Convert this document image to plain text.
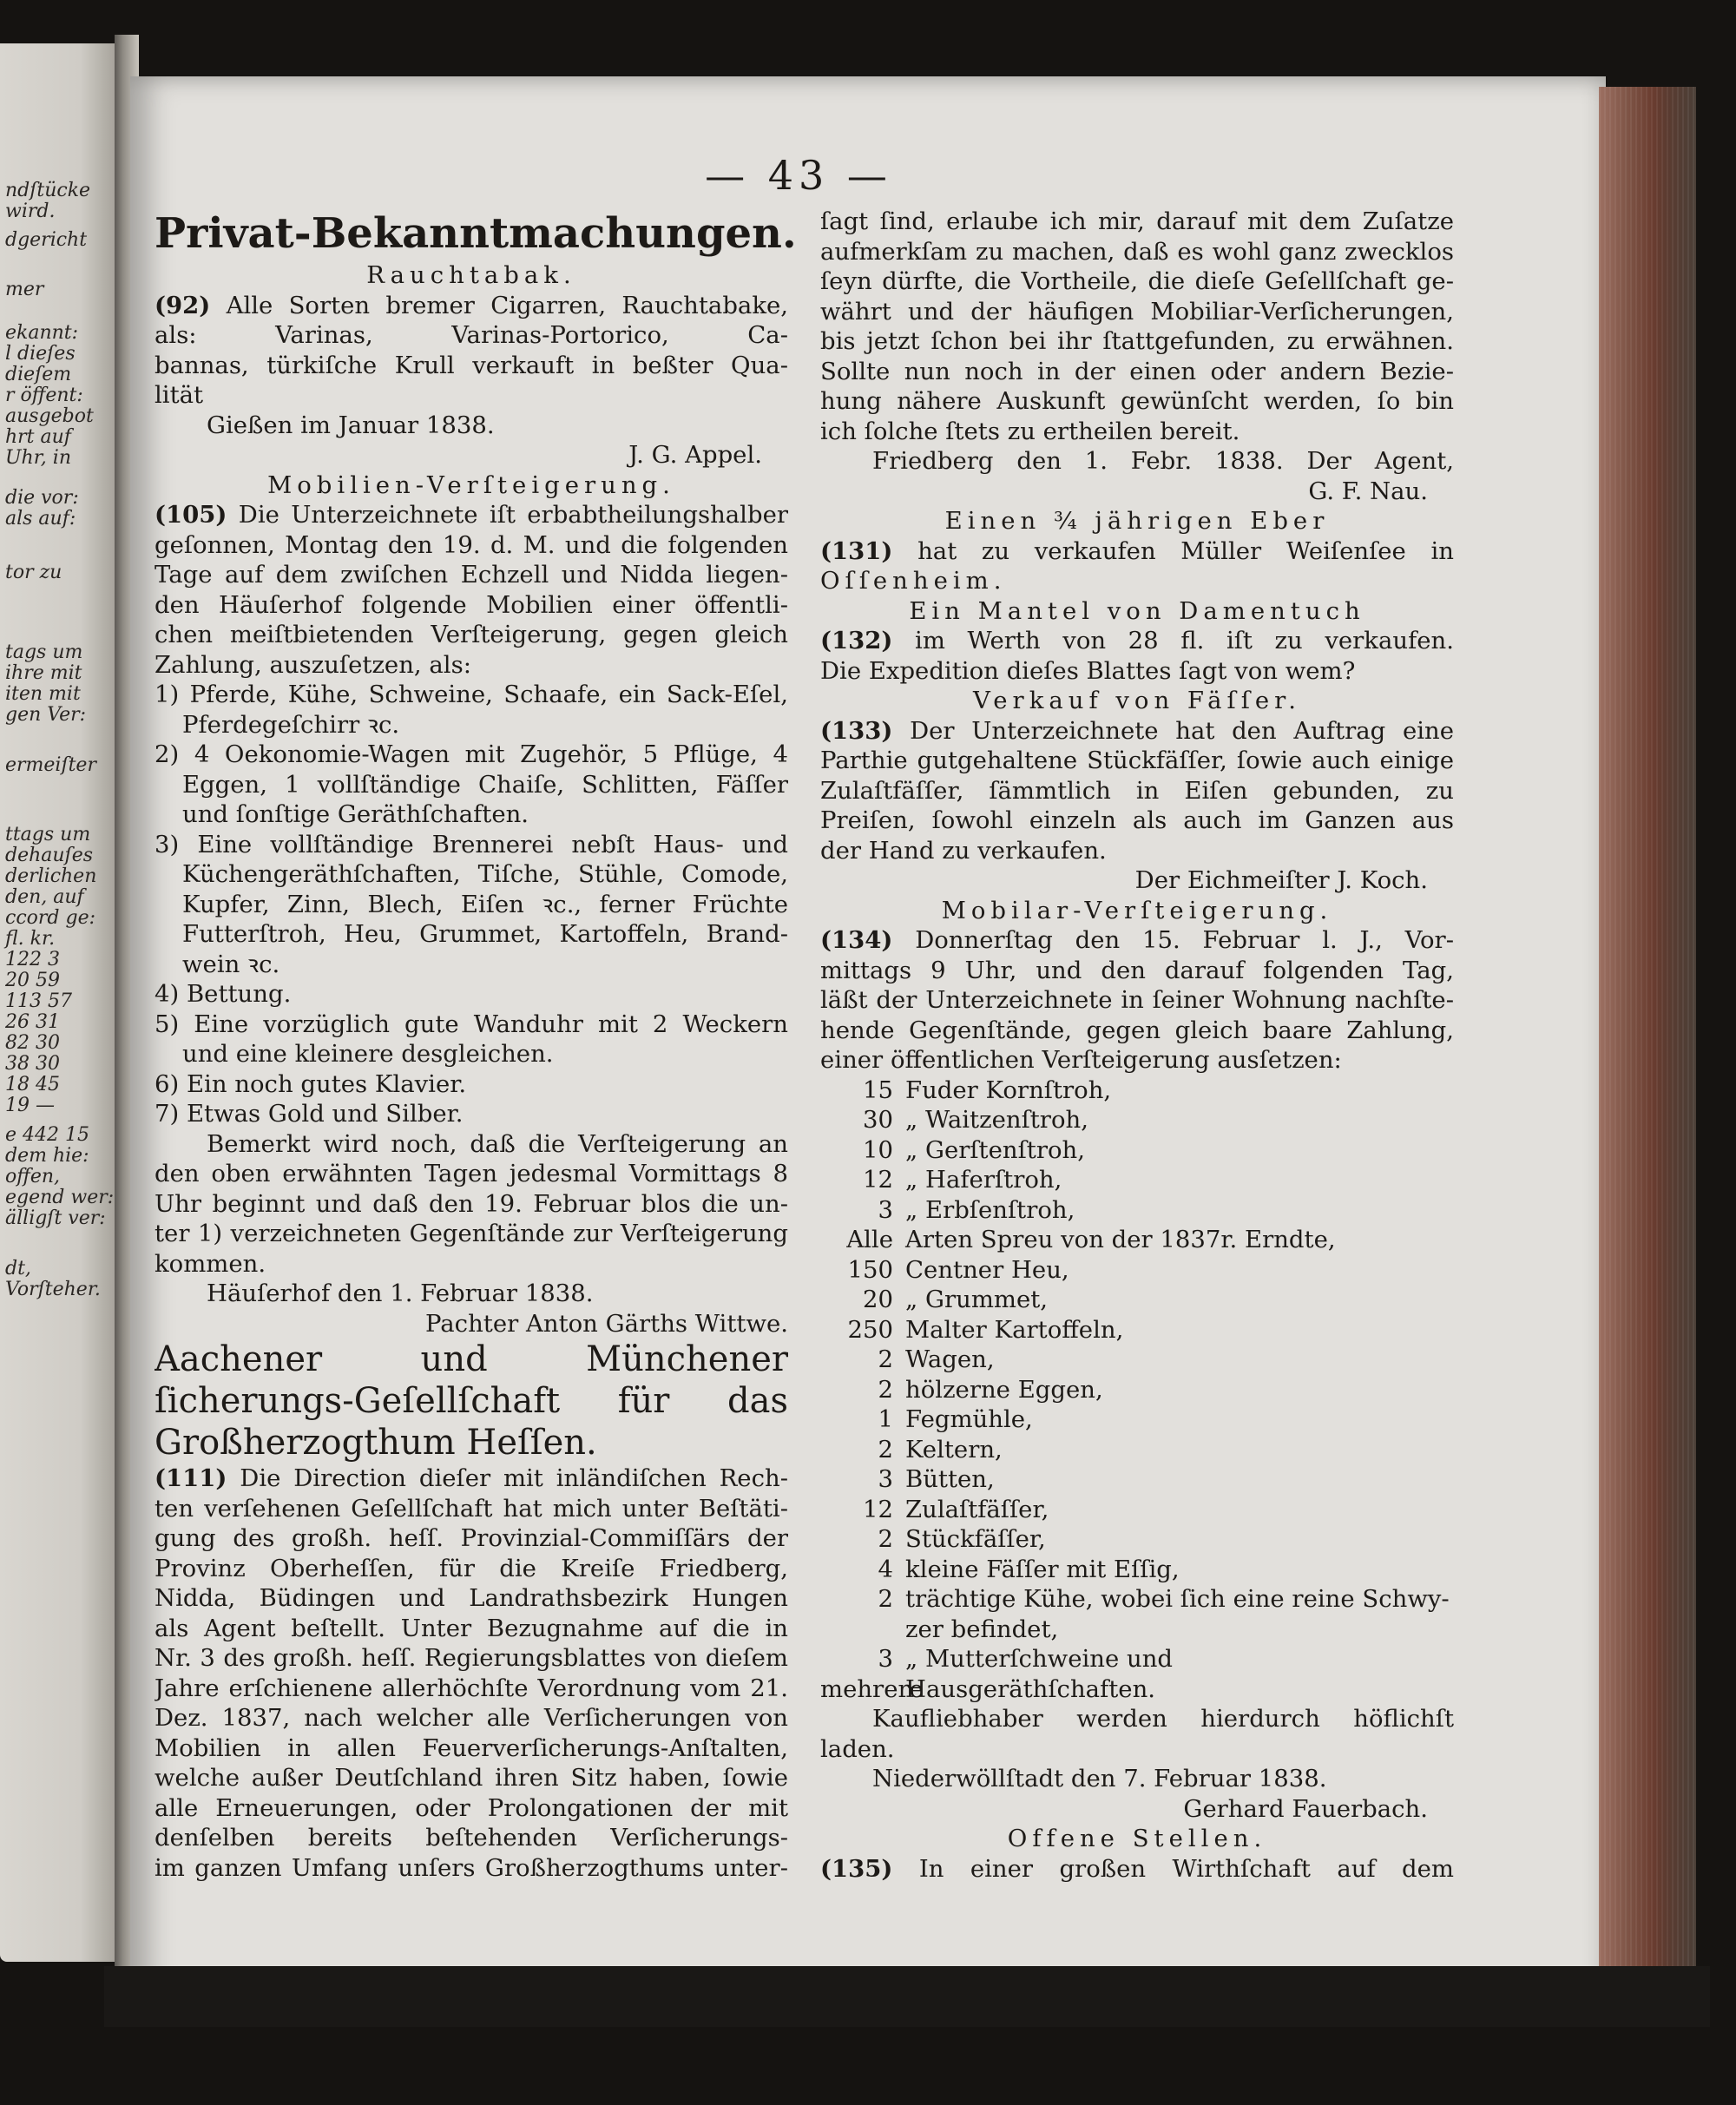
ndſtücke
wird.
dgericht
mer
ekannt:
l dieſes
dieſem
r öffent:
ausgebot
hrt auf
Uhr, in
die vor:
als auf:
tor zu
tags um
ihre mit
iten mit
gen Ver:
ermeiſter
ttags um
dehauſes
derlichen
den, auf
ccord ge:
fl. kr.
122 3
20 59
113 57
26 31
82 30
38 30
18 45
19 —
e 442 15
dem hie:
offen,
egend wer:
älligſt ver:
dt,
Vorſteher.
— 43 —
Privat-Bekanntmachungen.
Rauchtabak.
(92) Alle Sorten bremer Cigarren, Rauchtabake,
als: Varinas, Varinas-Portorico, Ca-
bannas, türkiſche Krull verkauft in beßter Qua-
lität
Gießen im Januar 1838.
J. G. Appel.
Mobilien-Verſteigerung.
(105) Die Unterzeichnete iſt erbabtheilungshalber
geſonnen, Montag den 19. d. M. und die folgenden
Tage auf dem zwiſchen Echzell und Nidda liegen-
den Häuſerhof folgende Mobilien einer öffentli-
chen meiſtbietenden Verſteigerung, gegen gleich
Zahlung, auszuſetzen, als:
1) Pferde, Kühe, Schweine, Schaafe, ein Sack-Eſel,
Pferdegeſchirr ꝛc.
2) 4 Oekonomie-Wagen mit Zugehör, 5 Pflüge, 4
Eggen, 1 vollſtändige Chaiſe, Schlitten, Fäſſer
und ſonſtige Geräthſchaften.
3) Eine vollſtändige Brennerei nebſt Haus- und
Küchengeräthſchaften, Tiſche, Stühle, Comode,
Kupfer, Zinn, Blech, Eiſen ꝛc., ferner Früchte
Futterſtroh, Heu, Grummet, Kartoffeln, Brand-
wein ꝛc.
4) Bettung.
5) Eine vorzüglich gute Wanduhr mit 2 Weckern
und eine kleinere desgleichen.
6) Ein noch gutes Klavier.
7) Etwas Gold und Silber.
Bemerkt wird noch, daß die Verſteigerung an
den oben erwähnten Tagen jedesmal Vormittags 8
Uhr beginnt und daß den 19. Februar blos die un-
ter 1) verzeichneten Gegenſtände zur Verſteigerung
kommen.
Häuſerhof den 1. Februar 1838.
Pachter Anton Gärths Wittwe.
Aachener und Münchener
ſicherungs-Geſellſchaft für das
Großherzogthum Heſſen.
(111) Die Direction dieſer mit inländiſchen Rech-
ten verſehenen Geſellſchaft hat mich unter Beſtäti-
gung des großh. heſſ. Provinzial-Commiſſärs der
Provinz Oberheſſen, für die Kreiſe Friedberg,
Nidda, Büdingen und Landrathsbezirk Hungen
als Agent beſtellt. Unter Bezugnahme auf die in
Nr. 3 des großh. heſſ. Regierungsblattes von dieſem
Jahre erſchienene allerhöchſte Verordnung vom 21.
Dez. 1837, nach welcher alle Verſicherungen von
Mobilien in allen Feuerverſicherungs-Anſtalten,
welche außer Deutſchland ihren Sitz haben, ſowie
alle Erneuerungen, oder Prolongationen der mit
denſelben bereits beſtehenden Verſicherungs-
im ganzen Umfang unſers Großherzogthums unter-
ſagt ſind, erlaube ich mir, darauf mit dem Zuſatze
aufmerkſam zu machen, daß es wohl ganz zwecklos
ſeyn dürfte, die Vortheile, die dieſe Geſellſchaft ge-
währt und der häufigen Mobiliar-Verſicherungen,
bis jetzt ſchon bei ihr ſtattgefunden, zu erwähnen.
Sollte nun noch in der einen oder andern Bezie-
hung nähere Auskunft gewünſcht werden, ſo bin
ich ſolche ſtets zu ertheilen bereit.
Friedberg den 1. Febr. 1838. Der Agent,
G. F. Nau.
Einen ¾ jährigen Eber
(131) hat zu verkaufen Müller Weiſenſee in
Oſſenheim.
Ein Mantel von Damentuch
(132) im Werth von 28 fl. iſt zu verkaufen.
Die Expedition dieſes Blattes ſagt von wem?
Verkauf von Fäſſer.
(133) Der Unterzeichnete hat den Auftrag eine
Parthie gutgehaltene Stückfäſſer, ſowie auch einige
Zulaſtfäſſer, ſämmtlich in Eiſen gebunden, zu
Preiſen, ſowohl einzeln als auch im Ganzen aus
der Hand zu verkaufen.
Der Eichmeiſter J. Koch.
Mobilar-Verſteigerung.
(134) Donnerſtag den 15. Februar l. J., Vor-
mittags 9 Uhr, und den darauf folgenden Tag,
läßt der Unterzeichnete in ſeiner Wohnung nachſte-
hende Gegenſtände, gegen gleich baare Zahlung,
einer öffentlichen Verſteigerung ausſetzen:
15 Fuder Kornſtroh,
30 „ Waitzenſtroh,
10 „ Gerſtenſtroh,
12 „ Haferſtroh,
3 „ Erbſenſtroh,
Alle Arten Spreu von der 1837r. Erndte,
150 Centner Heu,
20 „ Grummet,
250 Malter Kartoffeln,
2 Wagen,
2 hölzerne Eggen,
1 Fegmühle,
2 Keltern,
3 Bütten,
12 Zulaſtfäſſer,
2 Stückfäſſer,
4 kleine Fäſſer mit Eſſig,
2 trächtige Kühe, wobei ſich eine reine Schwy-
zer befindet,
3 „ Mutterſchweine und
mehrereHausgeräthſchaften.
Kaufliebhaber werden hierdurch höflichſt
laden.
Niederwöllſtadt den 7. Februar 1838.
Gerhard Fauerbach.
Offene Stellen.
(135) In einer großen Wirthſchaft auf dem
